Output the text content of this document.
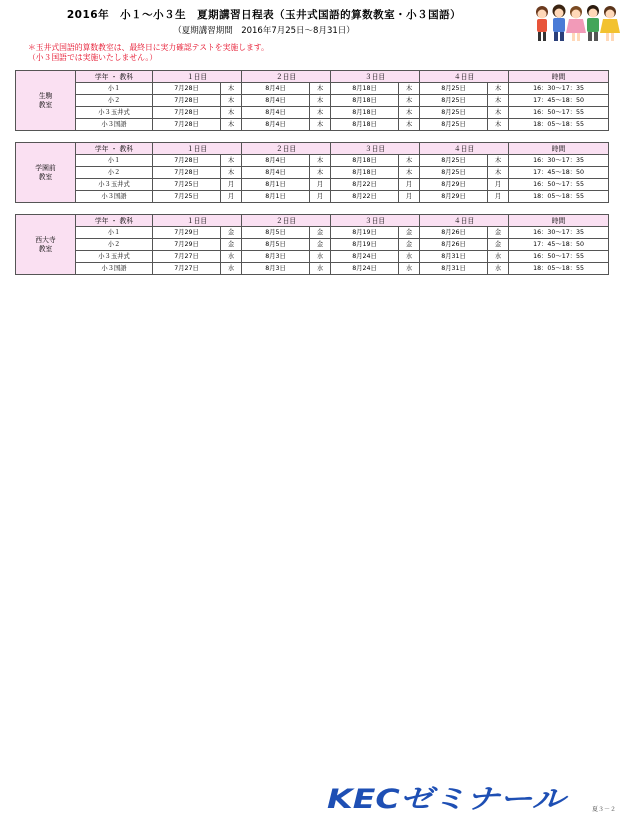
2016年　小１～小３生　夏期講習日程表（玉井式国語的算数教室・小３国語）
（夏期講習期間　2016年7月25日～8月31日）
＊玉井式国語的算数教室は、最終日に実力確認テストを実施します。
（小３国語では実施いたしません。）
生駒
教室	学年 ・ 教科	１日目		２日目		３日目		４日目		時間
	小１	7月28日	木	8月4日	木	8月18日	木	8月25日	木	16：30～17：35
	小２	7月28日	木	8月4日	木	8月18日	木	8月25日	木	17：45～18：50
	小３玉井式	7月28日	木	8月4日	木	8月18日	木	8月25日	木	16：50～17：55
	小３国語	7月28日	木	8月4日	木	8月18日	木	8月25日	木	18：05～18：55
学園前
教室	学年 ・ 教科	１日目		２日目		３日目		４日目		時間
	小１	7月28日	木	8月4日	木	8月18日	木	8月25日	木	16：30～17：35
	小２	7月28日	木	8月4日	木	8月18日	木	8月25日	木	17：45～18：50
	小３玉井式	7月25日	月	8月1日	月	8月22日	月	8月29日	月	16：50～17：55
	小３国語	7月25日	月	8月1日	月	8月22日	月	8月29日	月	18：05～18：55
西大寺
教室	学年 ・ 教科	１日目		２日目		３日目		４日目		時間
	小１	7月29日	金	8月5日	金	8月19日	金	8月26日	金	16：30～17：35
	小２	7月29日	金	8月5日	金	8月19日	金	8月26日	金	17：45～18：50
	小３玉井式	7月27日	水	8月3日	水	8月24日	水	8月31日	水	16：50～17：55
	小３国語	7月27日	水	8月3日	水	8月24日	水	8月31日	水	18：05～18：55
KECゼミナール	夏３－２
